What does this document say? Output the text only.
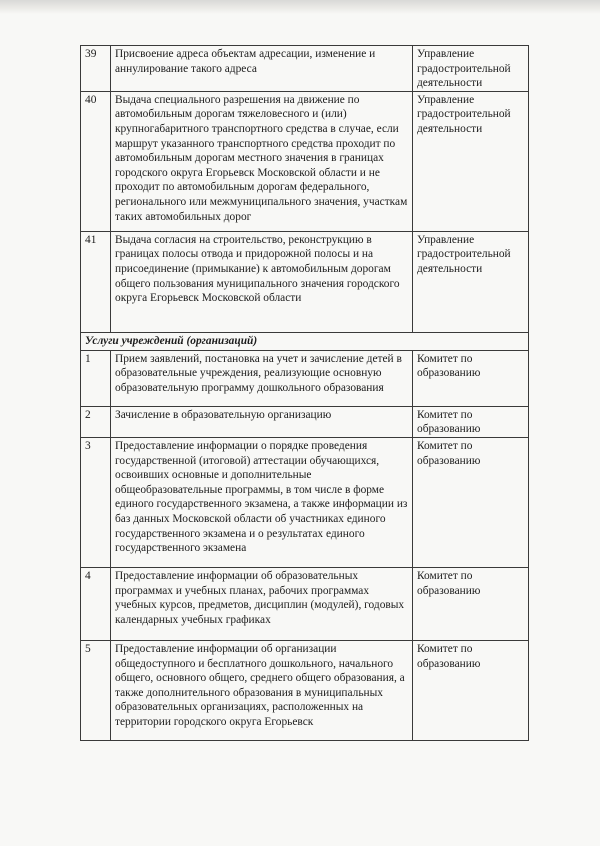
39	Присвоение адреса объектам адресации, изменение и аннулирование такого адреса	Управление градостроительной деятельности
40	Выдача специального разрешения на движение по автомобильным дорогам тяжеловесного и (или) крупногабаритного транспортного средства в случае, если маршрут указанного транспортного средства проходит по автомобильным дорогам местного значения в границах городского округа Егорьевск Московской области и не проходит по автомобильным дорогам федерального, регионального или межмуниципального значения, участкам таких автомобильных дорог	Управление градостроительной деятельности
41	Выдача согласия на строительство, реконструкцию в границах полосы отвода и придорожной полосы и на присоединение (примыкание) к автомобильным дорогам общего пользования муниципального значения городского округа Егорьевск Московской области	Управление градостроительной деятельности
Услуги учреждений (организаций)		
1	Прием заявлений, постановка на учет и зачисление детей в образовательные учреждения, реализующие основную образовательную программу дошкольного образования	Комитет по образованию
2	Зачисление в образовательную организацию	Комитет по образованию
3	Предоставление информации о порядке проведения государственной (итоговой) аттестации обучающихся, освоивших основные и дополнительные общеобразовательные программы, в том числе в форме единого государственного экзамена, а также информации из баз данных Московской области об участниках единого государственного экзамена и о результатах единого государственного экзамена	Комитет по образованию
4	Предоставление информации об образовательных программах и учебных планах, рабочих программах учебных курсов, предметов, дисциплин (модулей), годовых календарных учебных графиках	Комитет по образованию
5	Предоставление информации об организации общедоступного и бесплатного дошкольного, начального общего, основного общего, среднего общего образования, а также дополнительного образования в муниципальных образовательных организациях, расположенных на территории городского округа Егорьевск	Комитет по образованию
